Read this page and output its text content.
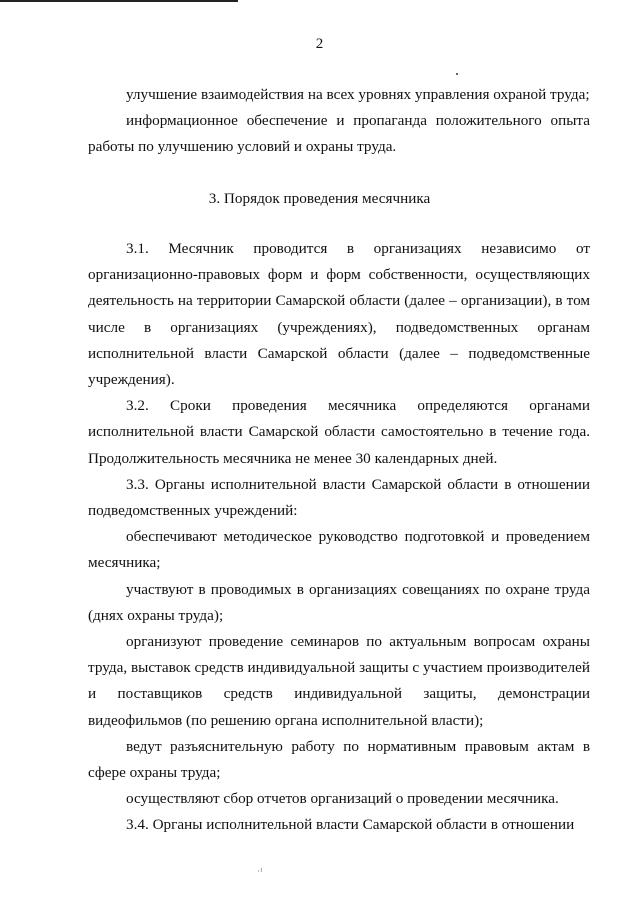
2

улучшение взаимодействия на всех уровнях управления охраной труда;

информационное обеспечение и пропаганда положительного опыта работы по улучшению условий и охраны труда.

3. Порядок проведения месячника

3.1. Месячник проводится в организациях независимо от организационно-правовых форм и форм собственности, осуществляющих деятельность на территории Самарской области (далее – организации), в том числе в организациях (учреждениях), подведомственных органам исполнительной власти Самарской области (далее – подведомственные учреждения).

3.2. Сроки проведения месячника определяются органами исполнительной власти Самарской области самостоятельно в течение года. Продолжительность месячника не менее 30 календарных дней.

3.3. Органы исполнительной власти Самарской области в отношении подведомственных учреждений:

обеспечивают методическое руководство подготовкой и проведением месячника;

участвуют в проводимых в организациях совещаниях по охране труда (днях охраны труда);

организуют проведение семинаров по актуальным вопросам охраны труда, выставок средств индивидуальной защиты с участием производителей и поставщиков средств индивидуальной защиты, демонстрации видеофильмов (по решению органа исполнительной власти);

ведут разъяснительную работу по нормативным правовым актам в сфере охраны труда;

осуществляют сбор отчетов организаций о проведении месячника.

3.4. Органы исполнительной власти Самарской области в отношении

·¹
